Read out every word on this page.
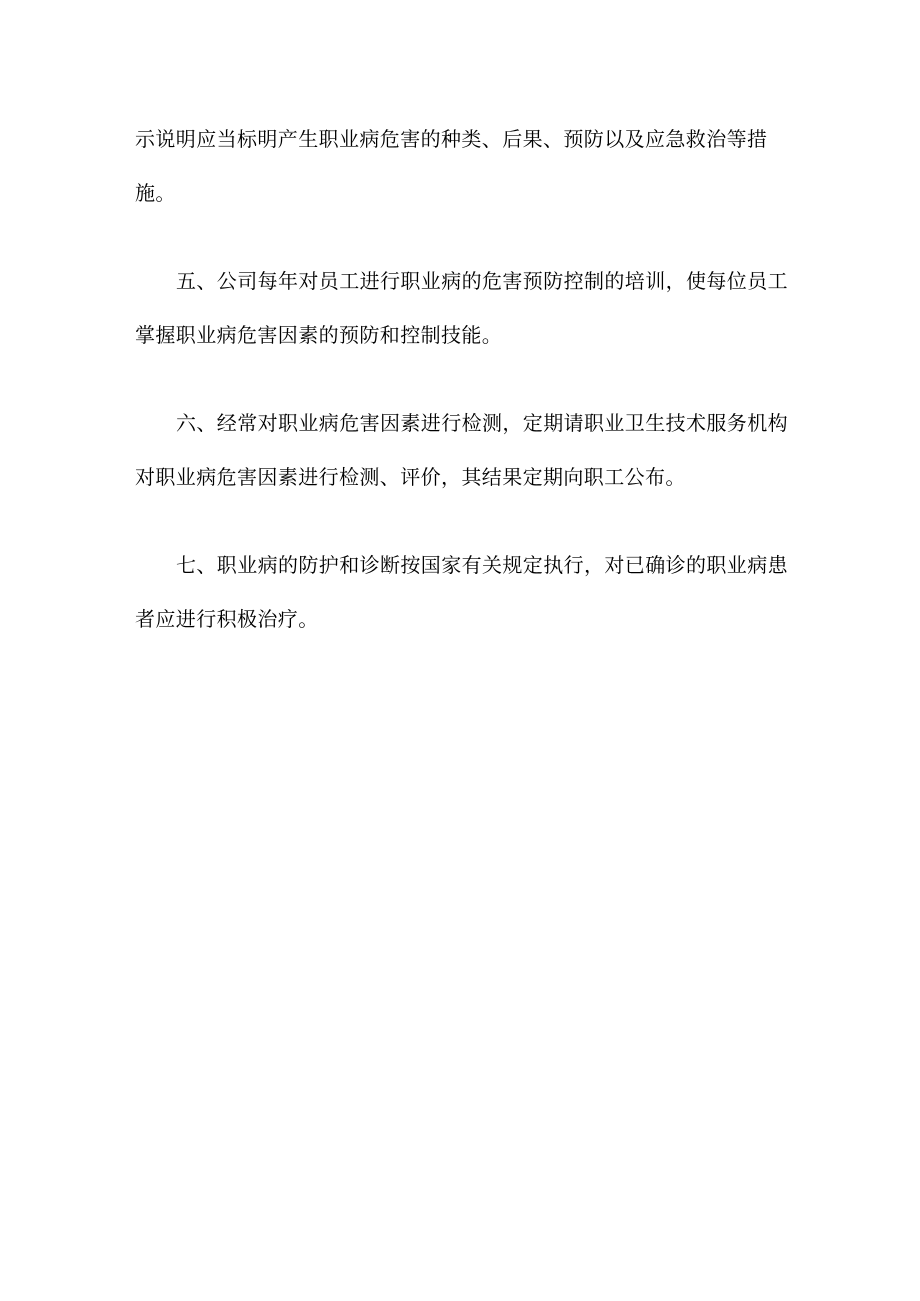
示说明应当标明产生职业病危害的种类、后果、预防以及应急救治等措
施。
五、公司每年对员工进行职业病的危害预防控制的培训，使每位员工
掌握职业病危害因素的预防和控制技能。
六、经常对职业病危害因素进行检测，定期请职业卫生技术服务机构
对职业病危害因素进行检测、评价，其结果定期向职工公布。
七、职业病的防护和诊断按国家有关规定执行，对已确诊的职业病患
者应进行积极治疗。
